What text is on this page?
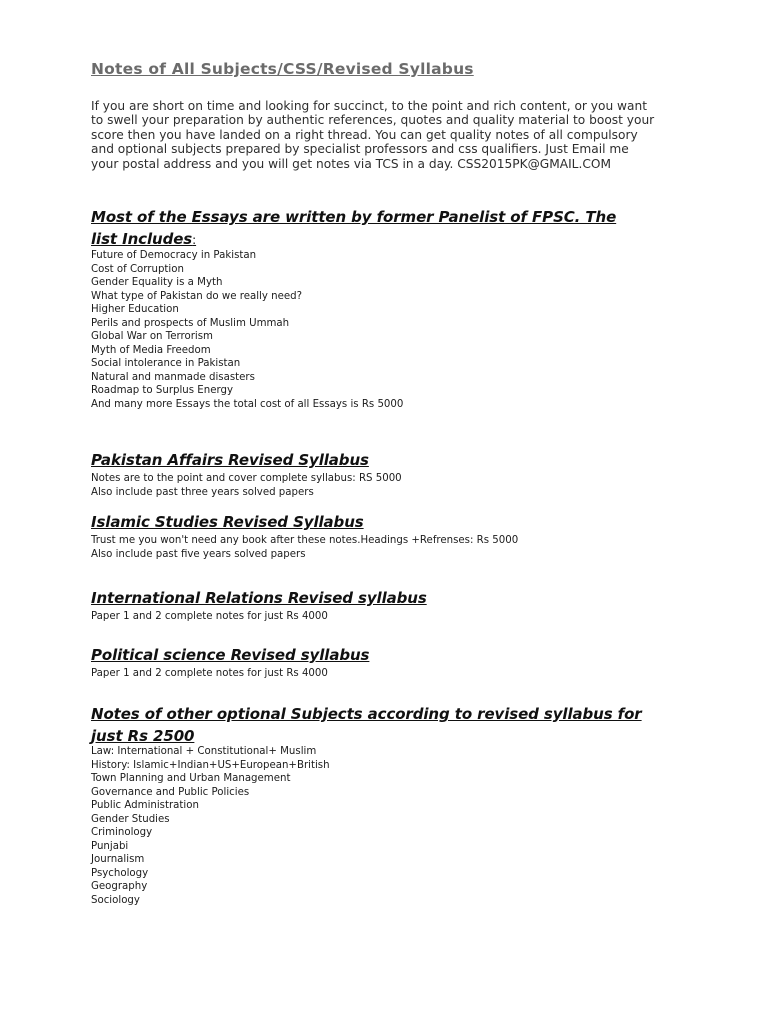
Notes of All Subjects/CSS/Revised Syllabus

If you are short on time and looking for succinct, to the point and rich content, or you want
to swell your preparation by authentic references, quotes and quality material to boost your
score then you have landed on a right thread. You can get quality notes of all compulsory
and optional subjects prepared by specialist professors and css qualifiers. Just Email me
your postal address and you will get notes via TCS in a day. CSS2015PK@GMAIL.COM

Most of the Essays are written by former Panelist of FPSC. The
list Includes:
Future of Democracy in Pakistan
Cost of Corruption
Gender Equality is a Myth
What type of Pakistan do we really need?
Higher Education
Perils and prospects of Muslim Ummah
Global War on Terrorism
Myth of Media Freedom
Social intolerance in Pakistan
Natural and manmade disasters
Roadmap to Surplus Energy
And many more Essays the total cost of all Essays is Rs 5000
Pakistan Affairs Revised Syllabus
Notes are to the point and cover complete syllabus: RS 5000
Also include past three years solved papers
Islamic Studies Revised Syllabus
Trust me you won't need any book after these notes.Headings +Refrenses: Rs 5000
Also include past five years solved papers
International Relations Revised syllabus
Paper 1 and 2 complete notes for just Rs 4000
Political science Revised syllabus
Paper 1 and 2 complete notes for just Rs 4000
Notes of other optional Subjects according to revised syllabus for
just Rs 2500
Law: International + Constitutional+ Muslim
History: Islamic+Indian+US+European+British
Town Planning and Urban Management
Governance and Public Policies
Public Administration
Gender Studies
Criminology
Punjabi
Journalism
Psychology
Geography
Sociology
